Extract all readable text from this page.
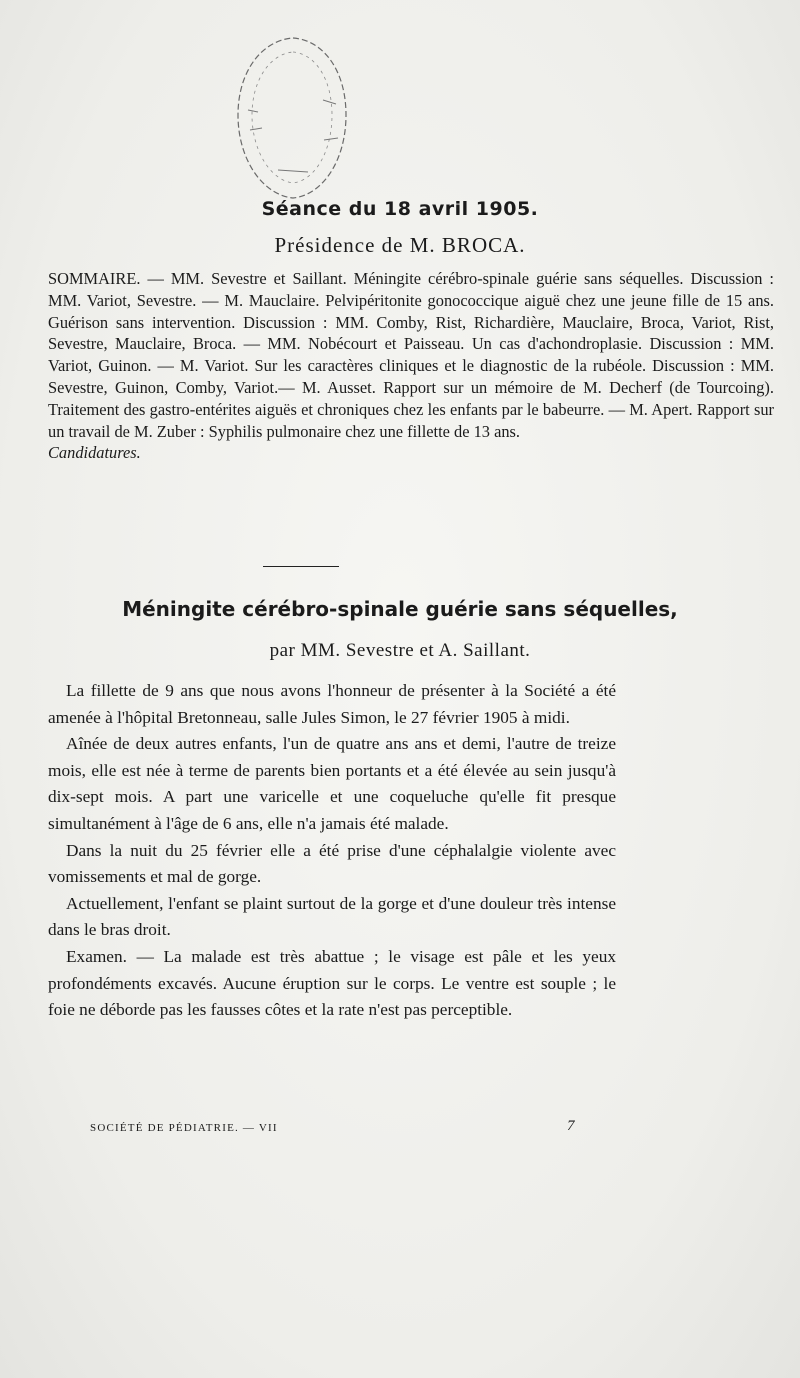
Séance du 18 avril 1905.
Présidence de M. BROCA.

SOMMAIRE. — MM. Sevestre et Saillant. Méningite cérébro-spinale guérie sans séquelles. Discussion : MM. Variot, Sevestre. — M. Mauclaire. Pelvipéritonite gonococcique aiguë chez une jeune fille de 15 ans. Guérison sans intervention. Discussion : MM. Comby, Rist, Richardière, Mauclaire, Broca, Variot, Rist, Sevestre, Mauclaire, Broca. — MM. Nobécourt et Paisseau. Un cas d'achondroplasie. Discussion : MM. Variot, Guinon. — M. Variot. Sur les caractères cliniques et le diagnostic de la rubéole. Discussion : MM. Sevestre, Guinon, Comby, Variot.— M. Ausset. Rapport sur un mémoire de M. Decherf (de Tourcoing). Traitement des gastro-entérites aiguës et chroniques chez les enfants par le babeurre. — M. Apert. Rapport sur un travail de M. Zuber : Syphilis pulmonaire chez une fillette de 13 ans.

Candidatures.

Méningite cérébro-spinale guérie sans séquelles,
par MM. Sevestre et A. Saillant.

La fillette de 9 ans que nous avons l'honneur de présenter à la Société a été amenée à l'hôpital Bretonneau, salle Jules Simon, le 27 février 1905 à midi.

Aînée de deux autres enfants, l'un de quatre ans ans et demi, l'autre de treize mois, elle est née à terme de parents bien portants et a été élevée au sein jusqu'à dix-sept mois. A part une varicelle et une coqueluche qu'elle fit presque simultanément à l'âge de 6 ans, elle n'a jamais été malade.

Dans la nuit du 25 février elle a été prise d'une céphalalgie violente avec vomissements et mal de gorge.

Actuellement, l'enfant se plaint surtout de la gorge et d'une douleur très intense dans le bras droit.

Examen. — La malade est très abattue ; le visage est pâle et les yeux profondéments excavés. Aucune éruption sur le corps. Le ventre est souple ; le foie ne déborde pas les fausses côtes et la rate n'est pas perceptible.

SOCIÉTÉ DE PÉDIATRIE. — VII	7
